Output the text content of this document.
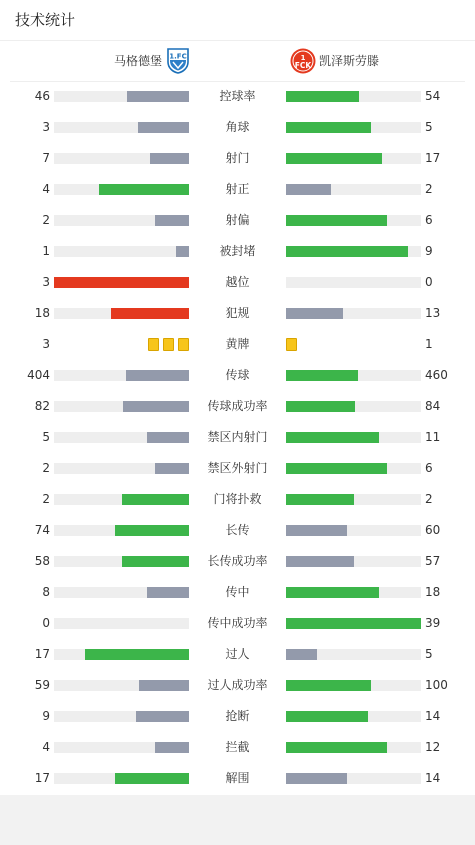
技术统计
马格德堡 1.FC	1
FCK 凯泽斯劳滕
46	控球率	54
3	角球	5
7	射门	17
4	射正	2
2	射偏	6
1	被封堵	9
3	越位	0
18	犯规	13
3	黄牌	1
404	传球	460
82	传球成功率	84
5	禁区内射门	11
2	禁区外射门	6
2	门将扑救	2
74	长传	60
58	长传成功率	57
8	传中	18
0	传中成功率	39
17	过人	5
59	过人成功率	100
9	抢断	14
4	拦截	12
17	解围	14
